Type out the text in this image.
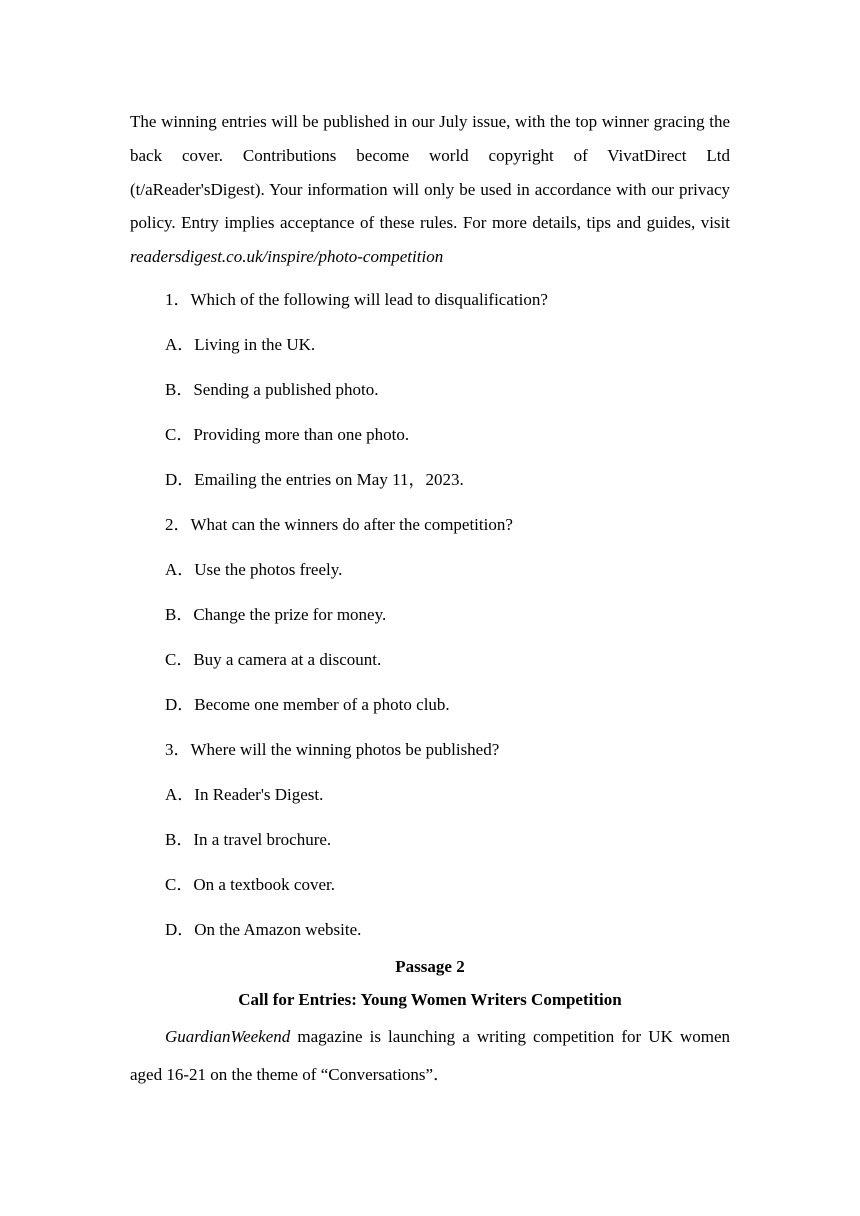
The winning entries will be published in our July issue, with the top winner gracing the back cover. Contributions become world copyright of VivatDirect Ltd (t/aReader'sDigest). Your information will only be used in accordance with our privacy policy. Entry implies acceptance of these rules. For more details, tips and guides, visit readersdigest.co.uk/inspire/photo-competition

1．Which of the following will lead to disqualification?
A．Living in the UK.
B．Sending a published photo.
C．Providing more than one photo.
D．Emailing the entries on May 11，2023.
2．What can the winners do after the competition?
A．Use the photos freely.
B．Change the prize for money.
C．Buy a camera at a discount.
D．Become one member of a photo club.
3．Where will the winning photos be published?
A．In Reader's Digest.
B．In a travel brochure.
C．On a textbook cover.
D．On the Amazon website.
Passage 2
Call for Entries: Young Women Writers Competition

GuardianWeekend magazine is launching a writing competition for UK women aged 16-21 on the theme of “Conversations”．
